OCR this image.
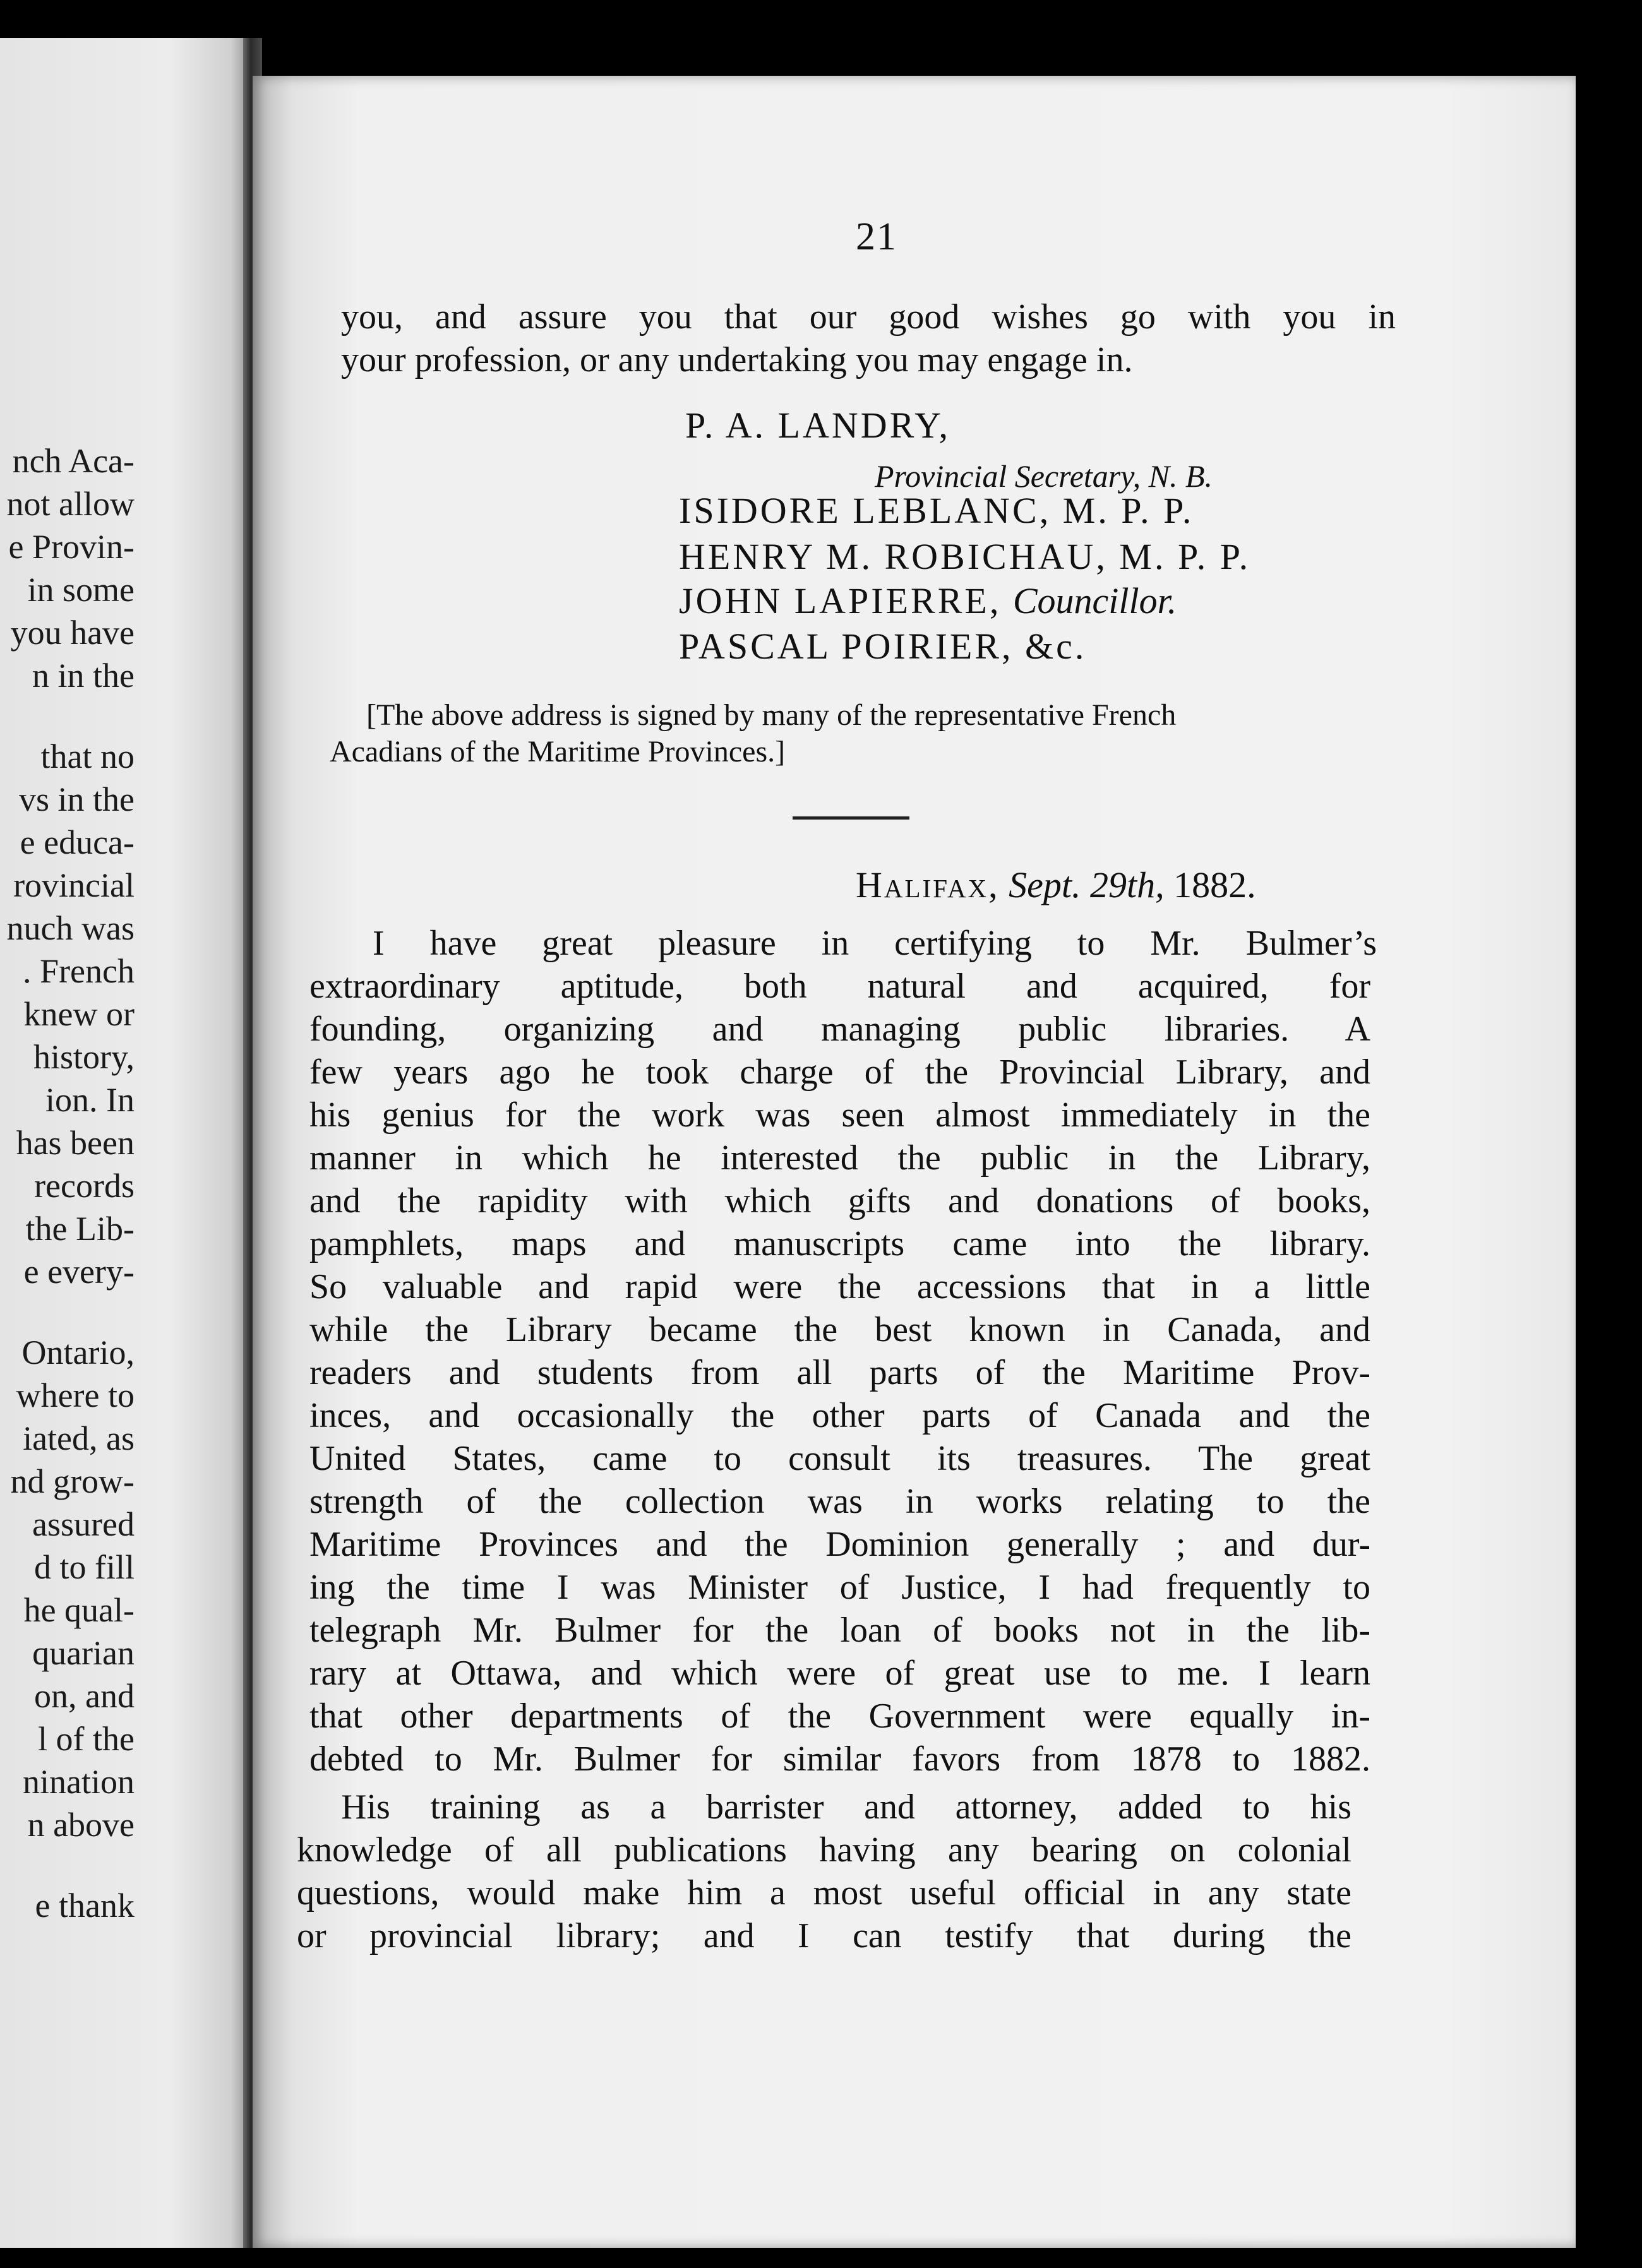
nch Aca-
not allow
e Provin-
in some
you have
n in the
that no
vs in the
e educa-
rovincial
nuch was
. French
knew or
history,
ion. In
has been
records
the Lib-
e every-
Ontario,
where to
iated, as
nd grow-
assured
d to fill
he qual-
quarian
on, and
l of the
nination
n above
e thank
21
you, and assure you that our good wishes go with you in
your profession, or any undertaking you may engage in.
P. A. LANDRY,
Provincial Secretary, N. B.
ISIDORE LEBLANC, M. P. P.
HENRY M. ROBICHAU, M. P. P.
JOHN LAPIERRE, Councillor.
PASCAL POIRIER, &c.
[The above address is signed by many of the representative French
Acadians of the Maritime Provinces.]
Halifax, Sept. 29th, 1882.
I have great pleasure in certifying to Mr. Bulmer’s
extraordinary aptitude, both natural and acquired, for
founding, organizing and managing public libraries. A
few years ago he took charge of the Provincial Library, and
his genius for the work was seen almost immediately in the
manner in which he interested the public in the Library,
and the rapidity with which gifts and donations of books,
pamphlets, maps and manuscripts came into the library.
So valuable and rapid were the accessions that in a little
while the Library became the best known in Canada, and
readers and students from all parts of the Maritime Prov-
inces, and occasionally the other parts of Canada and the
United States, came to consult its treasures. The great
strength of the collection was in works relating to the
Maritime Provinces and the Dominion generally ; and dur-
ing the time I was Minister of Justice, I had frequently to
telegraph Mr. Bulmer for the loan of books not in the lib-
rary at Ottawa, and which were of great use to me. I learn
that other departments of the Government were equally in-
debted to Mr. Bulmer for similar favors from 1878 to 1882.
His training as a barrister and attorney, added to his
knowledge of all publications having any bearing on colonial
questions, would make him a most useful official in any state
or provincial library; and I can testify that during the
